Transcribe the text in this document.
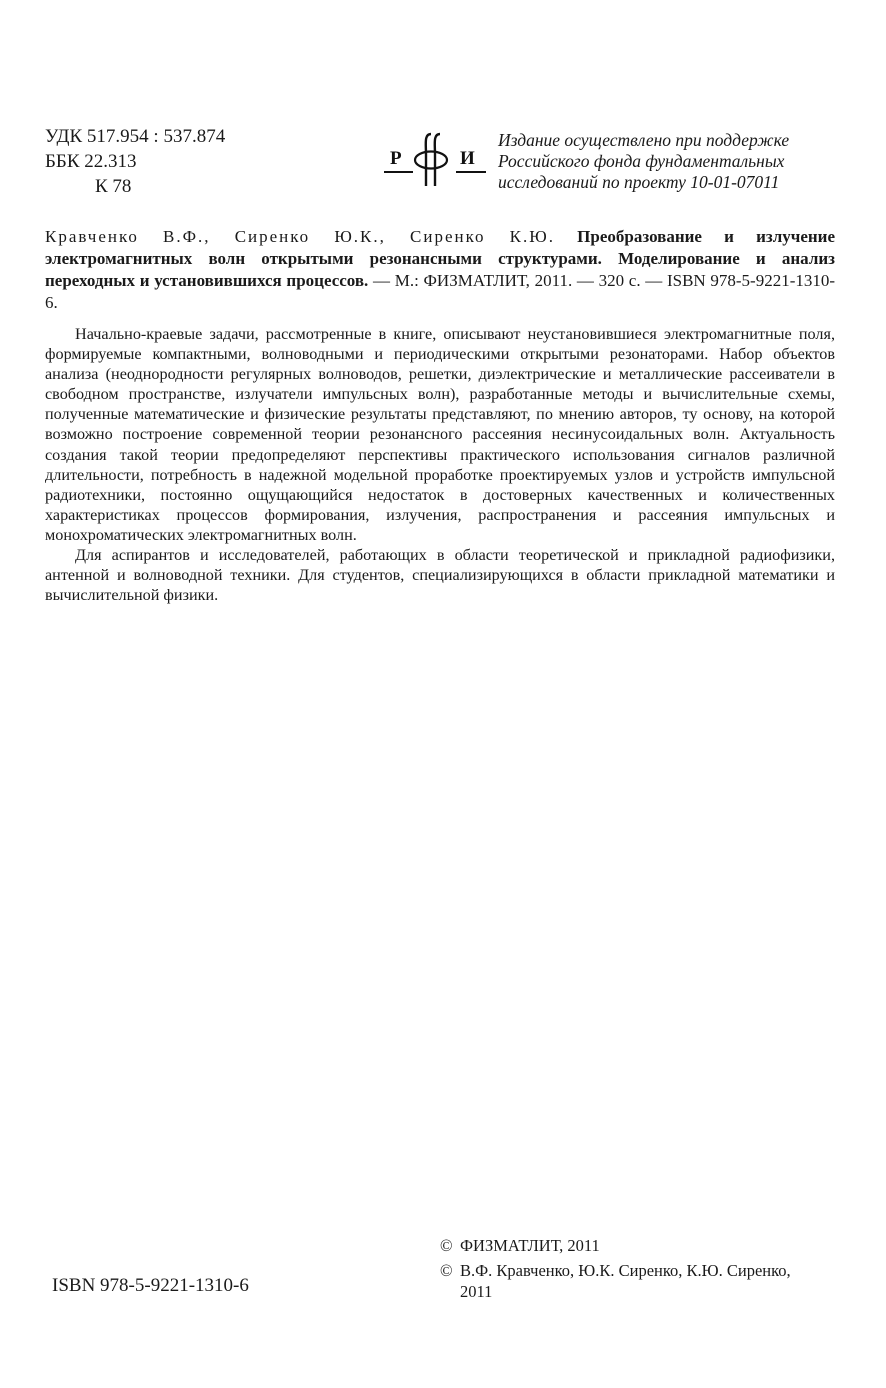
УДК 517.954 : 537.874
ББК 22.313
К 78
Р	И
Издание осуществлено при поддержке
Российского фонда фундаментальных
исследований по проекту 10-01-07011
Кравченко В.Ф., Сиренко Ю.К., Сиренко К.Ю. Преобразование и излучение электромагнитных волн открытыми резонансными структурами. Моделирование и анализ переходных и установившихся процессов. — М.: ФИЗМАТЛИТ, 2011. — 320 с. — ISBN 978-5-9221-1310-6.

Начально-краевые задачи, рассмотренные в книге, описывают неустановившиеся электромагнитные поля, формируемые компактными, волноводными и периодическими открытыми резонаторами. Набор объектов анализа (неоднородности регулярных волноводов, решетки, диэлектрические и металлические рассеиватели в свободном пространстве, излучатели импульсных волн), разработанные методы и вычислительные схемы, полученные математические и физические результаты представляют, по мнению авторов, ту основу, на которой возможно построение современной теории резонансного рассеяния несинусоидальных волн. Актуальность создания такой теории предопределяют перспективы практического использования сигналов различной длительности, потребность в надежной модельной проработке проектируемых узлов и устройств импульсной радиотехники, постоянно ощущающийся недостаток в достоверных качественных и количественных характеристиках процессов формирования, излучения, распространения и рассеяния импульсных и монохроматических электромагнитных волн.

Для аспирантов и исследователей, работающих в области теоретической и прикладной радиофизики, антенной и волноводной техники. Для студентов, специализирующихся в области прикладной математики и вычислительной физики.

ISBN 978-5-9221-1310-6
© ФИЗМАТЛИТ, 2011
© В.Ф. Кравченко, Ю.К. Сиренко, К.Ю. Сиренко,
2011
